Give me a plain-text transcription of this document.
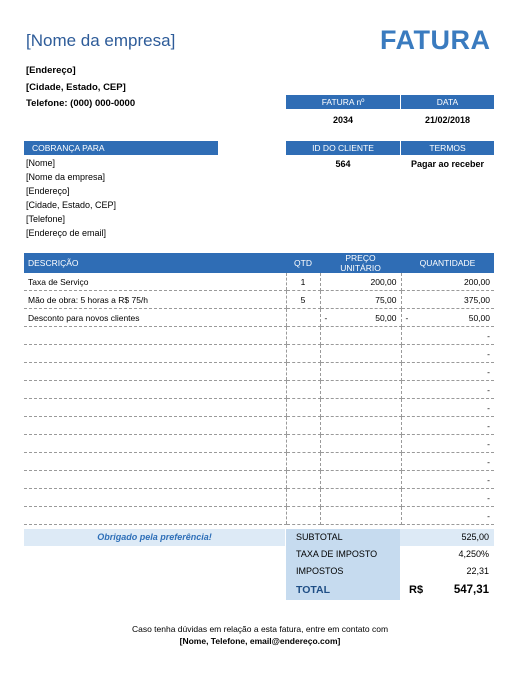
[Nome da empresa]	FATURA
[Endereço]
[Cidade, Estado, CEP]
Telefone: (000) 000-0000	FATURA nº	DATA
2034	21/02/2018
COBRANÇA PARA	ID DO CLIENTE	TERMOS
564	Pagar ao receber
[Nome]
[Nome da empresa]
[Endereço]
[Cidade, Estado, CEP]
[Telefone]
[Endereço de email]
DESCRIÇÃO	QTD	PREÇO UNITÁRIO	QUANTIDADE
Taxa de Serviço	1	200,00	200,00
Mão de obra: 5 horas a R$ 75/h	5	75,00	375,00
Desconto para novos clientes		- 50,00	- 50,00

-

-

-

-

-

-

-

-

-

-

-
Obrigado pela preferência!	SUBTOTAL	525,00
TAXA DE IMPOSTO	4,250%
IMPOSTOS	22,31
TOTAL	R$	547,31
Caso tenha dúvidas em relação a esta fatura, entre em contato com
[Nome, Telefone, email@endereço.com]
